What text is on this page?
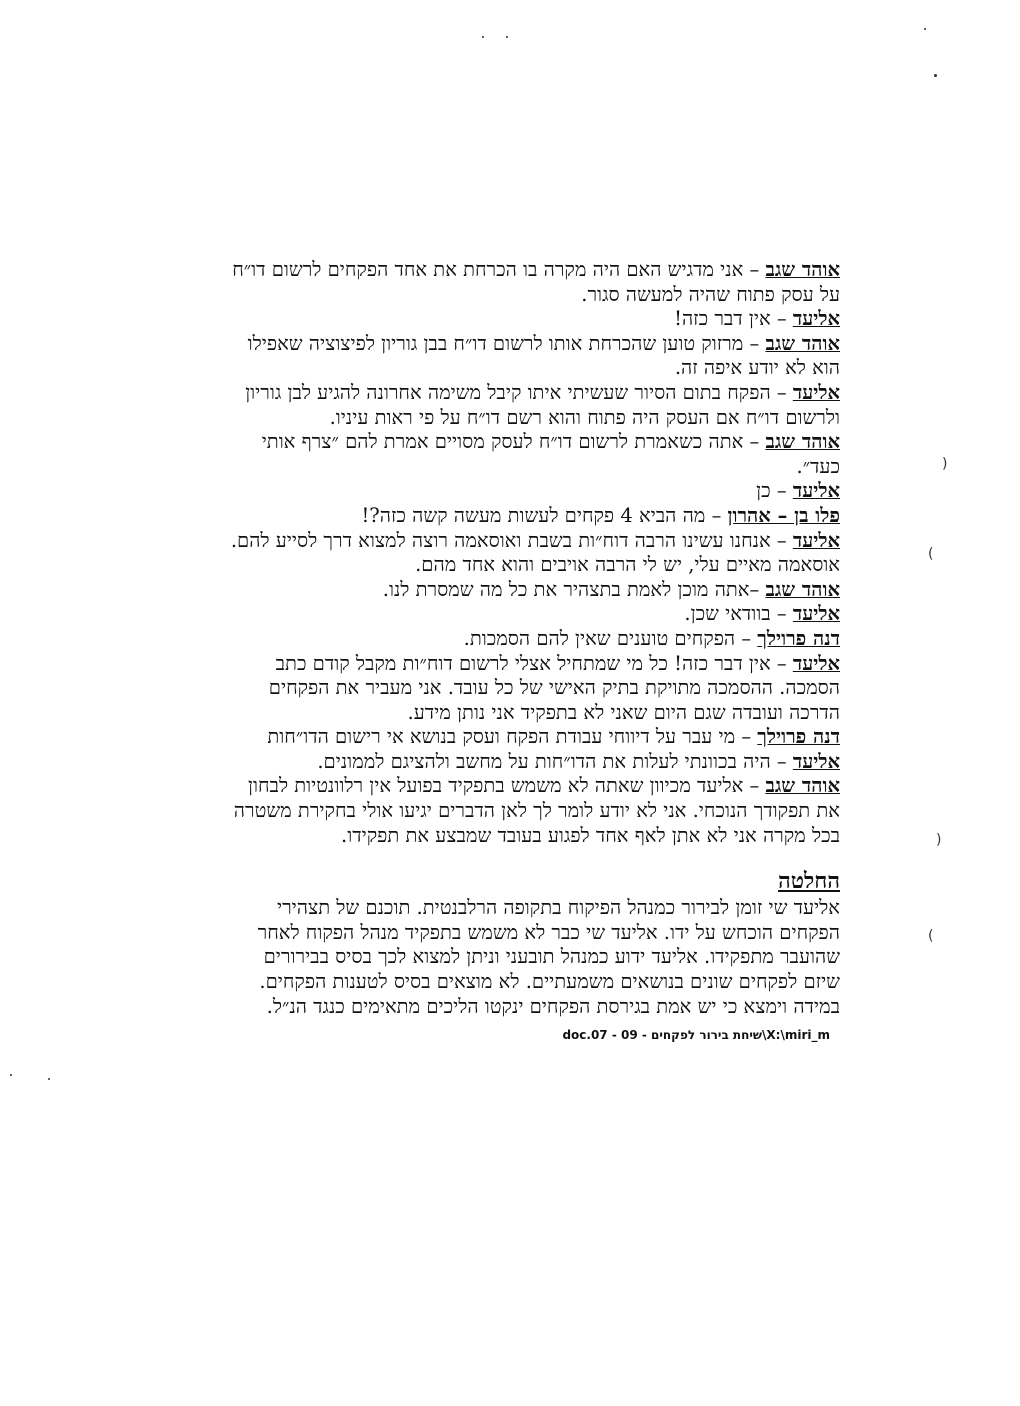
)
(
)
(
אוהד שגב – אני מדגיש האם היה מקרה בו הכרחת את אחד הפקחים לרשום דו״ח
על עסק פתוח שהיה למעשה סגור.
אליעד – אין דבר כזה!
אוהד שגב – מרזוק טוען שהכרחת אותו לרשום דו״ח בבן גוריון לפיצוציה שאפילו
הוא לא יודע איפה זה.
אליעד – הפקח בתום הסיור שעשיתי איתו קיבל משימה אחרונה להגיע לבן גוריון
ולרשום דו״ח אם העסק היה פתוח והוא רשם דו״ח על פי ראות עיניו.
אוהד שגב – אתה כשאמרת לרשום דו״ח לעסק מסויים אמרת להם ״צרף אותי
כעד״.
אליעד – כן
פלו בן – אהרון – מה הביא 4 פקחים לעשות מעשה קשה כזה?!
אליעד – אנחנו עשינו הרבה דוח״ות בשבת ואוסאמה רוצה למצוא דרך לסייע להם.
אוסאמה מאיים עלי, יש לי הרבה אויבים והוא אחד מהם.
אוהד שגב –אתה מוכן לאמת בתצהיר את כל מה שמסרת לנו.
אליעד – בוודאי שכן.
דנה פרוילך – הפקחים טוענים שאין להם הסמכות.
אליעד – אין דבר כזה! כל מי שמתחיל אצלי לרשום דוח״ות מקבל קודם כתב
הסמכה. ההסמכה מתויקת בתיק האישי של כל עובד. אני מעביר את הפקחים
הדרכה ועובדה שגם היום שאני לא בתפקיד אני נותן מידע.
דנה פרוילך – מי עבר על דיווחי עבודת הפקח ועסק בנושא אי רישום הדו״חות
אליעד – היה בכוונתי לעלות את הדו״חות על מחשב ולהציגם לממונים.
אוהד שגב – אליעד מכיוון שאתה לא משמש בתפקיד בפועל אין רלוונטיות לבחון
את תפקודך הנוכחי. אני לא יודע לומר לך לאן הדברים יגיעו אולי בחקירת משטרה
בכל מקרה אני לא אתן לאף אחד לפגוע בעובד שמבצע את תפקידו.
החלטה
אליעד שי זומן לבירור כמנהל הפיקוח בתקופה הרלבנטית. תוכנם של תצהירי
הפקחים הוכחש על ידו. אליעד שי כבר לא משמש בתפקיד מנהל הפקוח לאחר
שהועבר מתפקידו. אליעד ידוע כמנהל תובעני וניתן למצוא לכך בסיס בבירורים
שיזם לפקחים שונים בנושאים משמעתיים. לא מוצאים בסיס לטענות הפקחים.
במידה וימצא כי יש אמת בגירסת הפקחים ינקטו הליכים מתאימים כנגד הנ״ל.
X:\miri_m\שיחת בירור לפקחים - 09 - doc.07
